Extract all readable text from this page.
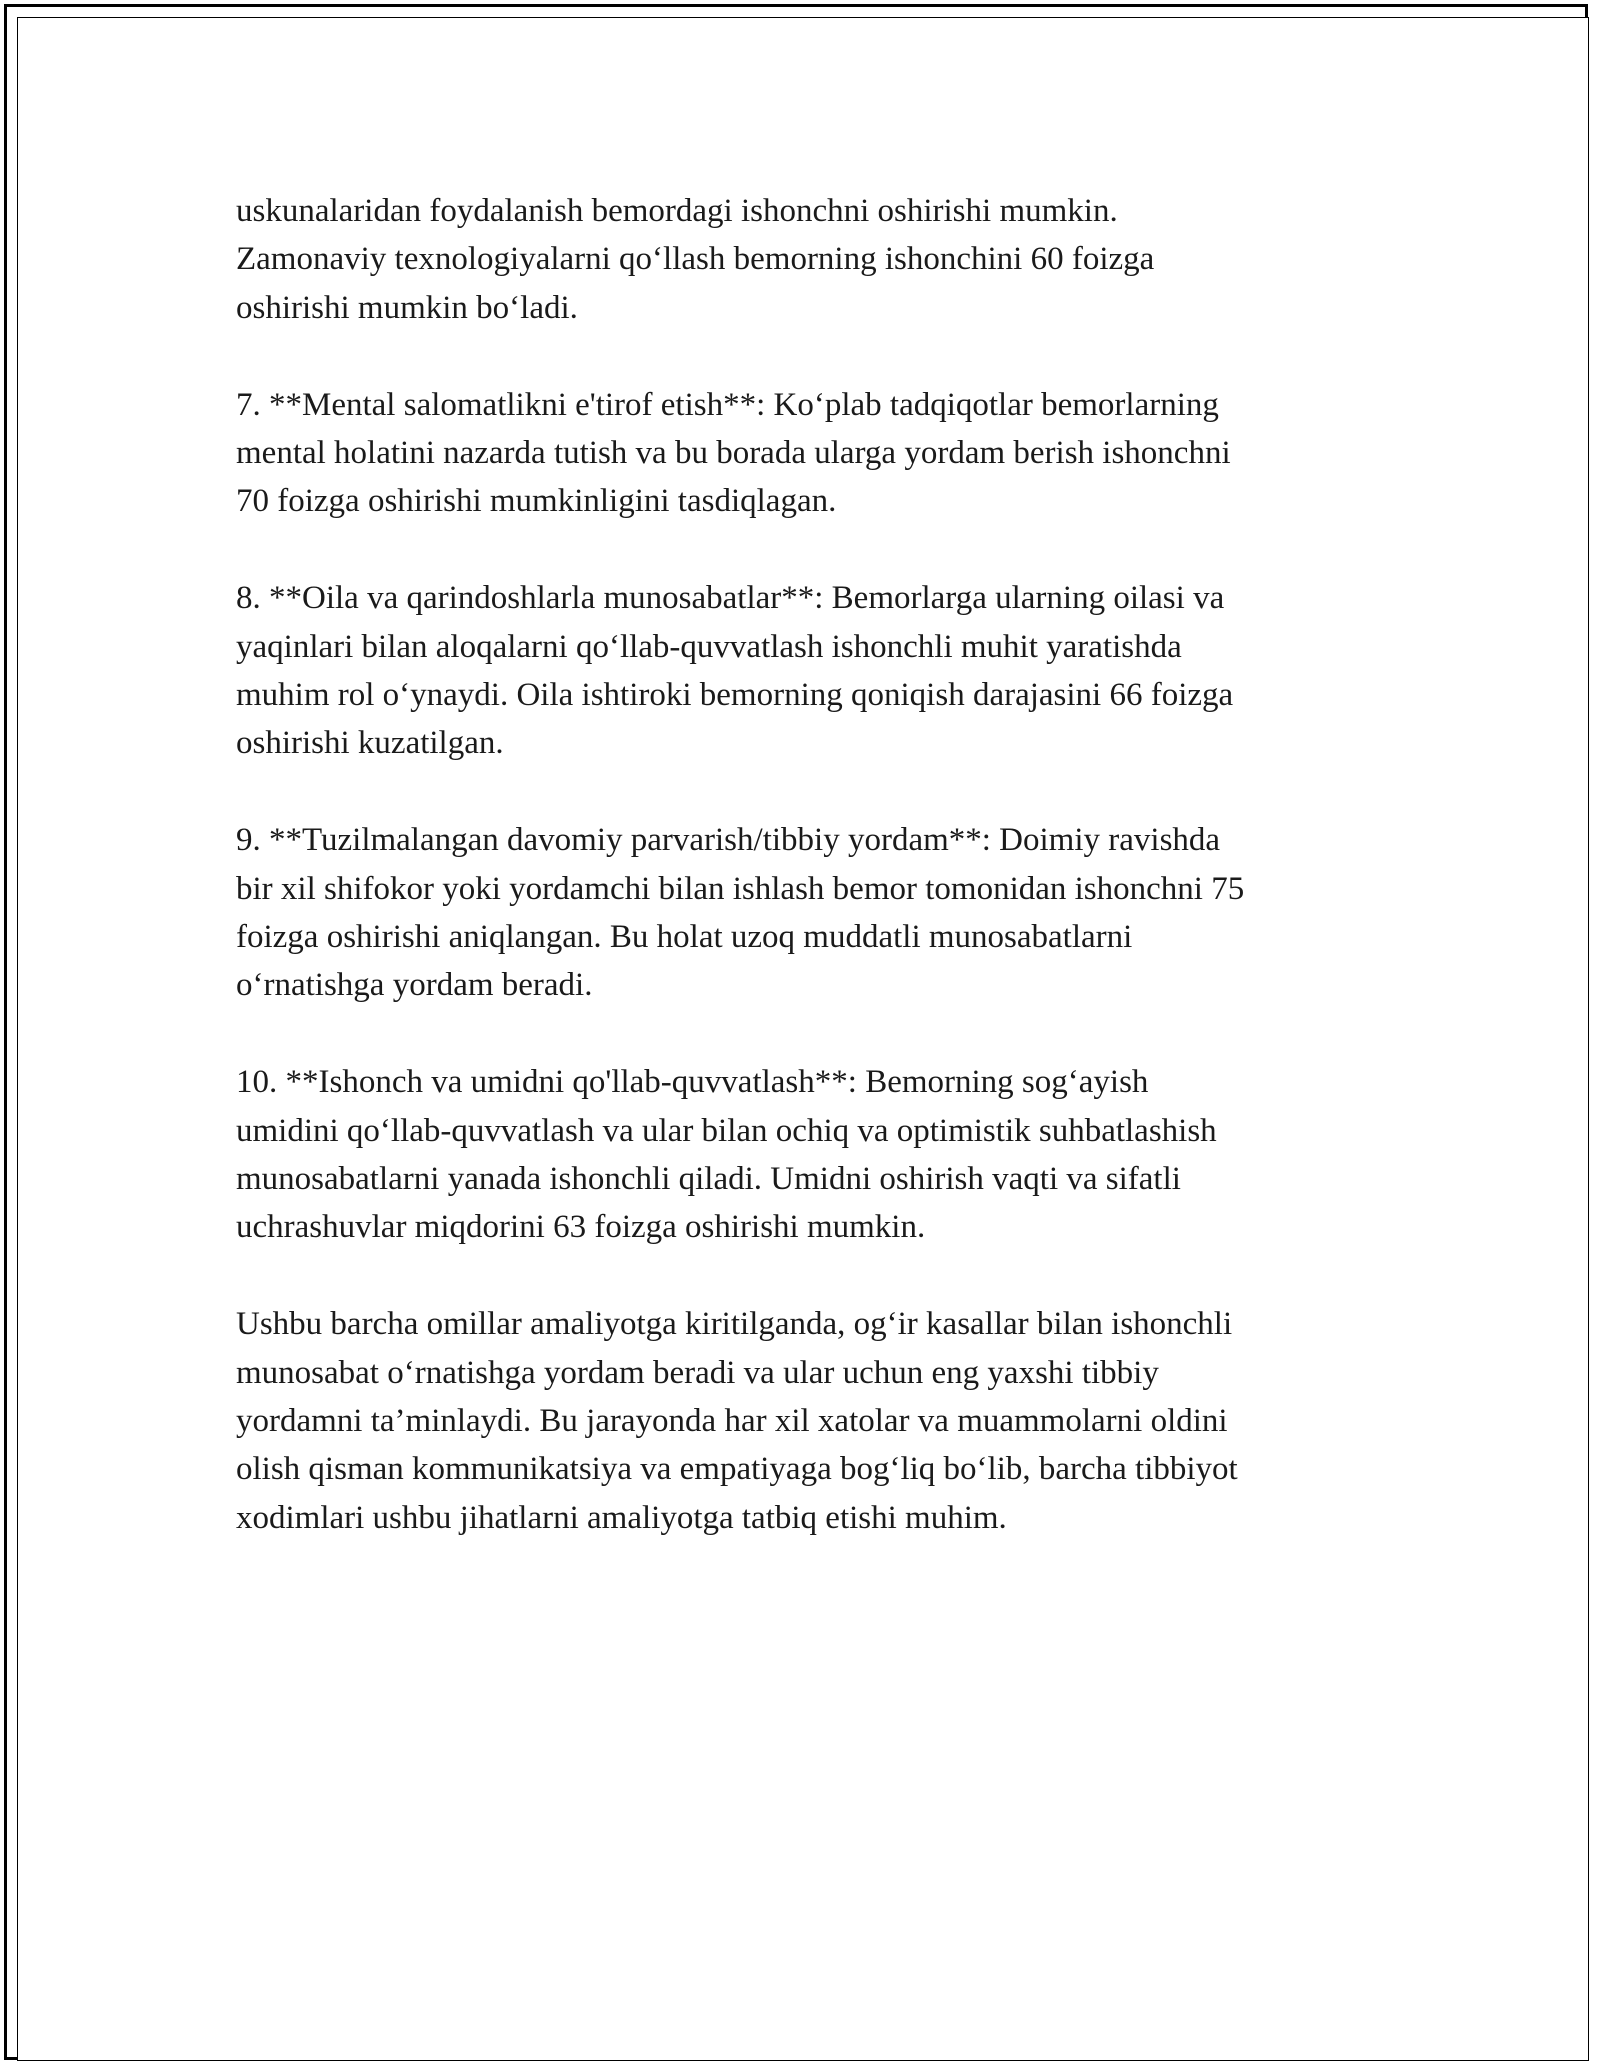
uskunalaridan foydalanish bemordagi ishonchni oshirishi mumkin.
Zamonaviy texnologiyalarni qo‘llash bemorning ishonchini 60 foizga
oshirishi mumkin bo‘ladi.

7. **Mental salomatlikni e'tirof etish**: Ko‘plab tadqiqotlar bemorlarning
mental holatini nazarda tutish va bu borada ularga yordam berish ishonchni
70 foizga oshirishi mumkinligini tasdiqlagan.

8. **Oila va qarindoshlarla munosabatlar**: Bemorlarga ularning oilasi va
yaqinlari bilan aloqalarni qo‘llab-quvvatlash ishonchli muhit yaratishda
muhim rol o‘ynaydi. Oila ishtiroki bemorning qoniqish darajasini 66 foizga
oshirishi kuzatilgan.

9. **Tuzilmalangan davomiy parvarish/tibbiy yordam**: Doimiy ravishda
bir xil shifokor yoki yordamchi bilan ishlash bemor tomonidan ishonchni 75
foizga oshirishi aniqlangan. Bu holat uzoq muddatli munosabatlarni
o‘rnatishga yordam beradi.

10. **Ishonch va umidni qo'llab-quvvatlash**: Bemorning sog‘ayish
umidini qo‘llab-quvvatlash va ular bilan ochiq va optimistik suhbatlashish
munosabatlarni yanada ishonchli qiladi. Umidni oshirish vaqti va sifatli
uchrashuvlar miqdorini 63 foizga oshirishi mumkin.

Ushbu barcha omillar amaliyotga kiritilganda, og‘ir kasallar bilan ishonchli
munosabat o‘rnatishga yordam beradi va ular uchun eng yaxshi tibbiy
yordamni ta’minlaydi. Bu jarayonda har xil xatolar va muammolarni oldini
olish qisman kommunikatsiya va empatiyaga bog‘liq bo‘lib, barcha tibbiyot
xodimlari ushbu jihatlarni amaliyotga tatbiq etishi muhim.
